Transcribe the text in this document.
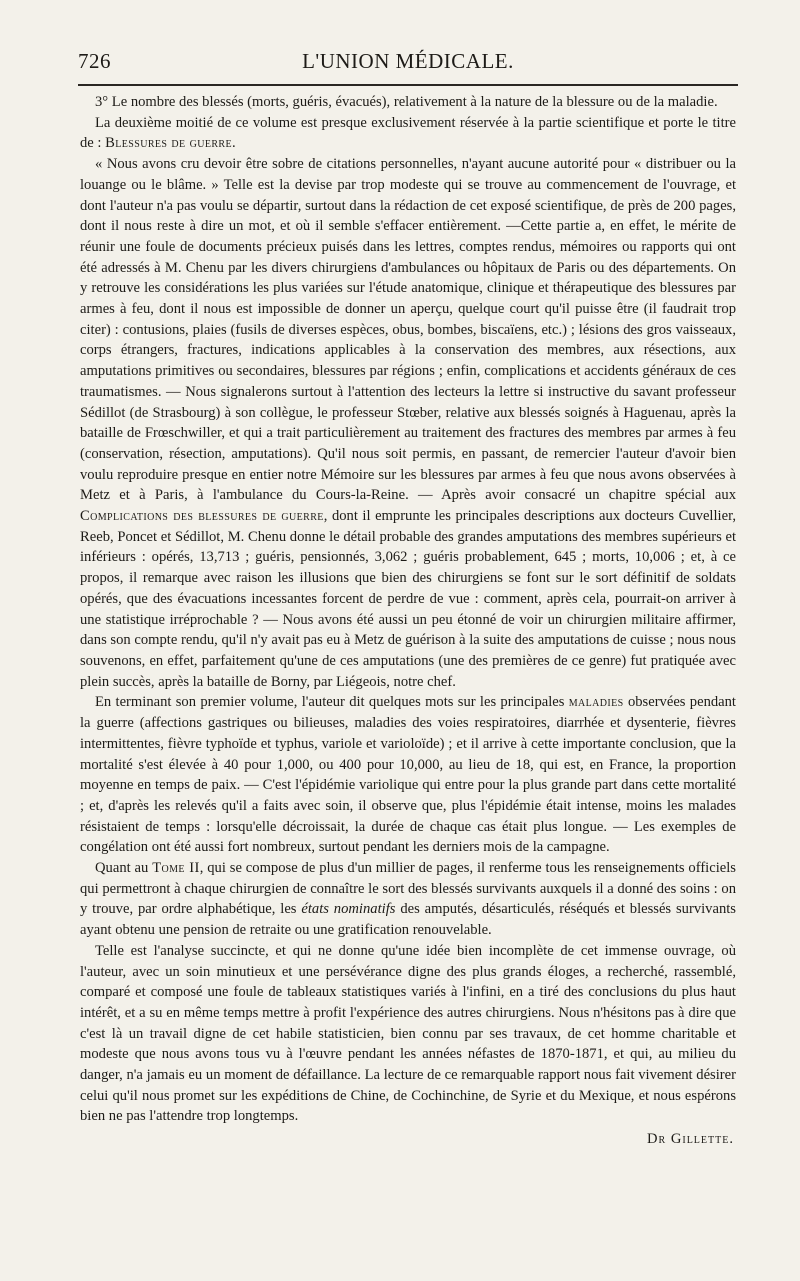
726	L'UNION MÉDICALE.

3° Le nombre des blessés (morts, guéris, évacués), relativement à la nature de la blessure ou de la maladie.

La deuxième moitié de ce volume est presque exclusivement réservée à la partie scientifique et porte le titre de : Blessures de guerre.

« Nous avons cru devoir être sobre de citations personnelles, n'ayant aucune autorité pour « distribuer ou la louange ou le blâme. » Telle est la devise par trop modeste qui se trouve au commencement de l'ouvrage, et dont l'auteur n'a pas voulu se départir, surtout dans la rédaction de cet exposé scientifique, de près de 200 pages, dont il nous reste à dire un mot, et où il semble s'effacer entièrement. —Cette partie a, en effet, le mérite de réunir une foule de documents précieux puisés dans les lettres, comptes rendus, mémoires ou rapports qui ont été adressés à M. Chenu par les divers chirurgiens d'ambulances ou hôpitaux de Paris ou des départements. On y retrouve les considérations les plus variées sur l'étude anatomique, clinique et thérapeutique des blessures par armes à feu, dont il nous est impossible de donner un aperçu, quelque court qu'il puisse être (il faudrait trop citer) : contusions, plaies (fusils de diverses espèces, obus, bombes, biscaïens, etc.) ; lésions des gros vaisseaux, corps étrangers, fractures, indications applicables à la conservation des membres, aux résections, aux amputations primitives ou secondaires, blessures par régions ; enfin, complications et accidents généraux de ces traumatismes. — Nous signalerons surtout à l'attention des lecteurs la lettre si instructive du savant professeur Sédillot (de Strasbourg) à son collègue, le professeur Stœber, relative aux blessés soignés à Haguenau, après la bataille de Frœschwiller, et qui a trait particulièrement au traitement des fractures des membres par armes à feu (conservation, résection, amputations). Qu'il nous soit permis, en passant, de remercier l'auteur d'avoir bien voulu reproduire presque en entier notre Mémoire sur les blessures par armes à feu que nous avons observées à Metz et à Paris, à l'ambulance du Cours-la-Reine. — Après avoir consacré un chapitre spécial aux Complications des blessures de guerre, dont il emprunte les principales descriptions aux docteurs Cuvellier, Reeb, Poncet et Sédillot, M. Chenu donne le détail probable des grandes amputations des membres supérieurs et inférieurs : opérés, 13,713 ; guéris, pensionnés, 3,062 ; guéris probablement, 645 ; morts, 10,006 ; et, à ce propos, il remarque avec raison les illusions que bien des chirurgiens se font sur le sort définitif de soldats opérés, que des évacuations incessantes forcent de perdre de vue : comment, après cela, pourrait-on arriver à une statistique irréprochable ? — Nous avons été aussi un peu étonné de voir un chirurgien militaire affirmer, dans son compte rendu, qu'il n'y avait pas eu à Metz de guérison à la suite des amputations de cuisse ; nous nous souvenons, en effet, parfaitement qu'une de ces amputations (une des premières de ce genre) fut pratiquée avec plein succès, après la bataille de Borny, par Liégeois, notre chef.

En terminant son premier volume, l'auteur dit quelques mots sur les principales maladies observées pendant la guerre (affections gastriques ou bilieuses, maladies des voies respiratoires, diarrhée et dysenterie, fièvres intermittentes, fièvre typhoïde et typhus, variole et varioloïde) ; et il arrive à cette importante conclusion, que la mortalité s'est élevée à 40 pour 1,000, ou 400 pour 10,000, au lieu de 18, qui est, en France, la proportion moyenne en temps de paix. — C'est l'épidémie variolique qui entre pour la plus grande part dans cette mortalité ; et, d'après les relevés qu'il a faits avec soin, il observe que, plus l'épidémie était intense, moins les malades résistaient de temps : lorsqu'elle décroissait, la durée de chaque cas était plus longue. — Les exemples de congélation ont été aussi fort nombreux, surtout pendant les derniers mois de la campagne.

Quant au Tome II, qui se compose de plus d'un millier de pages, il renferme tous les renseignements officiels qui permettront à chaque chirurgien de connaître le sort des blessés survivants auxquels il a donné des soins : on y trouve, par ordre alphabétique, les états nominatifs des amputés, désarticulés, réséqués et blessés survivants ayant obtenu une pension de retraite ou une gratification renouvelable.

Telle est l'analyse succincte, et qui ne donne qu'une idée bien incomplète de cet immense ouvrage, où l'auteur, avec un soin minutieux et une persévérance digne des plus grands éloges, a recherché, rassemblé, comparé et composé une foule de tableaux statistiques variés à l'infini, en a tiré des conclusions du plus haut intérêt, et a su en même temps mettre à profit l'expérience des autres chirurgiens. Nous n'hésitons pas à dire que c'est là un travail digne de cet habile statisticien, bien connu par ses travaux, de cet homme charitable et modeste que nous avons tous vu à l'œuvre pendant les années néfastes de 1870-1871, et qui, au milieu du danger, n'a jamais eu un moment de défaillance. La lecture de ce remarquable rapport nous fait vivement désirer celui qu'il nous promet sur les expéditions de Chine, de Cochinchine, de Syrie et du Mexique, et nous espérons bien ne pas l'attendre trop longtemps.

Dr Gillette.
